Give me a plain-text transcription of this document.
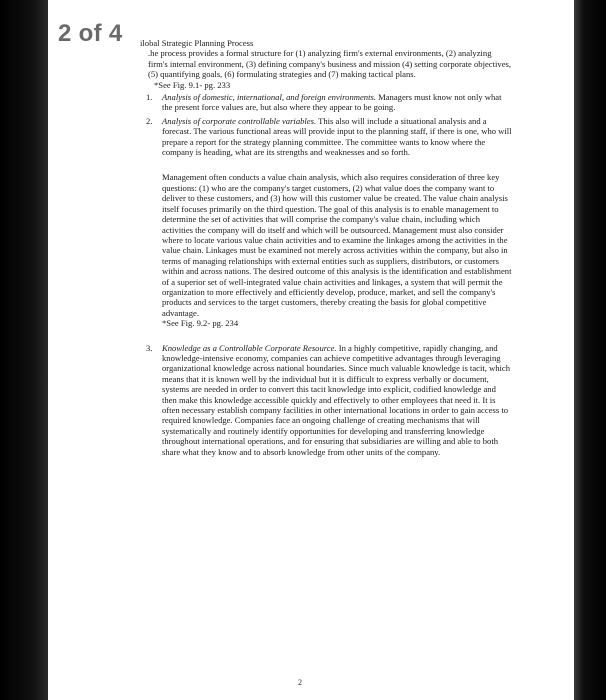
2 of 4 ilobal Strategic Planning Process

.he process provides a formal structure for (1) analyzing firm's external environments, (2) analyzing firm's internal environment, (3) defining company's business and mission (4) setting corporate objectives, (5) quantifying goals, (6) formulating strategies and (7) making tactical plans.

*See Fig. 9.1- pg. 233

1. Analysis of domestic, international, and foreign environments. Managers must know not only what the present force values are, but also where they appear to be going.
2. Analysis of corporate controllable variables. This also will include a situational analysis and a forecast. The various functional areas will provide input to the planning staff, if there is one, who will prepare a report for the strategy planning committee. The committee wants to know where the company is heading, what are its strengths and weaknesses and so forth.

Management often conducts a value chain analysis, which also requires consideration of three key questions: (1) who are the company's target customers, (2) what value does the company want to deliver to these customers, and (3) how will this customer value be created. The value chain analysis itself focuses primarily on the third question. The goal of this analysis is to enable management to determine the set of activities that will comprise the company's value chain, including which activities the company will do itself and which will be outsourced. Management must also consider where to locate various value chain activities and to examine the linkages among the activities in the value chain. Linkages must be examined not merely across activities within the company, but also in terms of managing relationships with external entities such as suppliers, distributors, or customers within and across nations. The desired outcome of this analysis is the identification and establishment of a superior set of well-integrated value chain activities and linkages, a system that will permit the organization to more effectively and efficiently develop, produce, market, and sell the company's products and services to the target customers, thereby creating the basis for global competitive advantage.

*See Fig. 9.2- pg. 234

3. Knowledge as a Controllable Corporate Resource. In a highly competitive, rapidly changing, and knowledge-intensive economy, companies can achieve competitive advantages through leveraging organizational knowledge across national boundaries. Since much valuable knowledge is tacit, which means that it is known well by the individual but it is difficult to express verbally or document, systems are needed in order to convert this tacit knowledge into explicit, codified knowledge and then make this knowledge accessible quickly and effectively to other employees that need it. It is often necessary establish company facilities in other international locations in order to gain access to required knowledge. Companies face an ongoing challenge of creating mechanisms that will systematically and routinely identify opportunities for developing and transferring knowledge throughout international operations, and for ensuring that subsidiaries are willing and able to both share what they know and to absorb knowledge from other units of the company.
2
